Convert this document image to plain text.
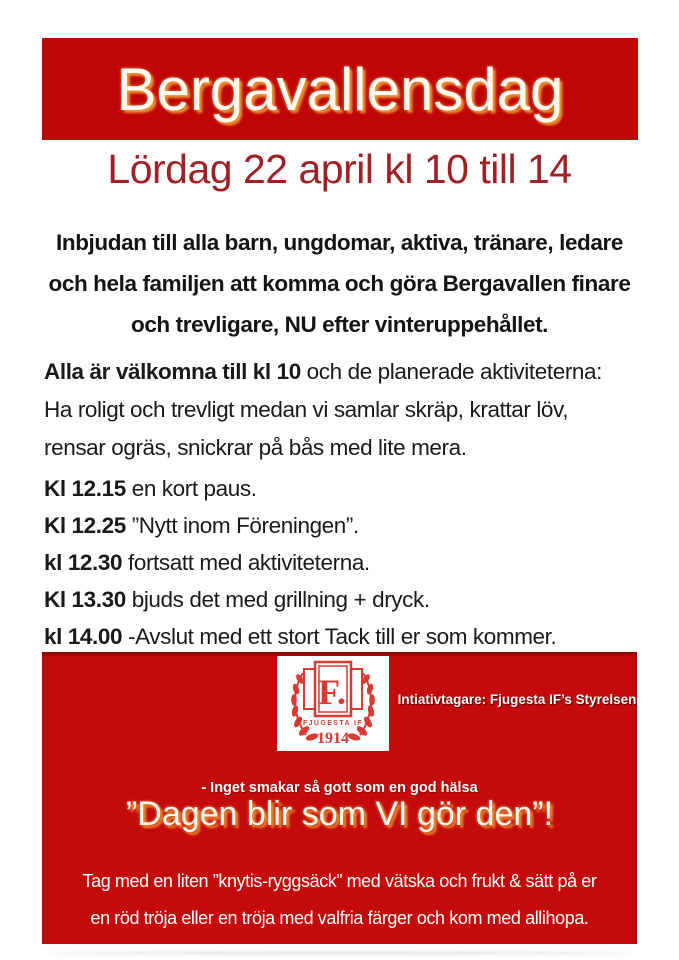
Bergavallensdag
Lördag 22 april kl 10 till 14
Inbjudan till alla barn, ungdomar, aktiva, tränare, ledare
och hela familjen att komma och göra Bergavallen finare
och trevligare, NU efter vinteruppehållet.
Alla är välkomna till kl 10 och de planerade aktiviteterna:
Ha roligt och trevligt medan vi samlar skräp, krattar löv,
rensar ogräs, snickrar på bås med lite mera.
Kl 12.15 en kort paus.
Kl 12.25 ”Nytt inom Föreningen”.
kl 12.30 fortsatt med aktiviteterna.
Kl 13.30 bjuds det med grillning + dryck.
kl 14.00 -Avslut med ett stort Tack till er som kommer.
F.
FJUGESTA IF
1914
Intiativtagare: Fjugesta IF’s Styrelsen
- Inget smakar så gott som en god hälsa
”Dagen blir som VI gör den”!
Tag med en liten ”knytis-ryggsäck” med vätska och frukt & sätt på er
en röd tröja eller en tröja med valfria färger och kom med allihopa.
